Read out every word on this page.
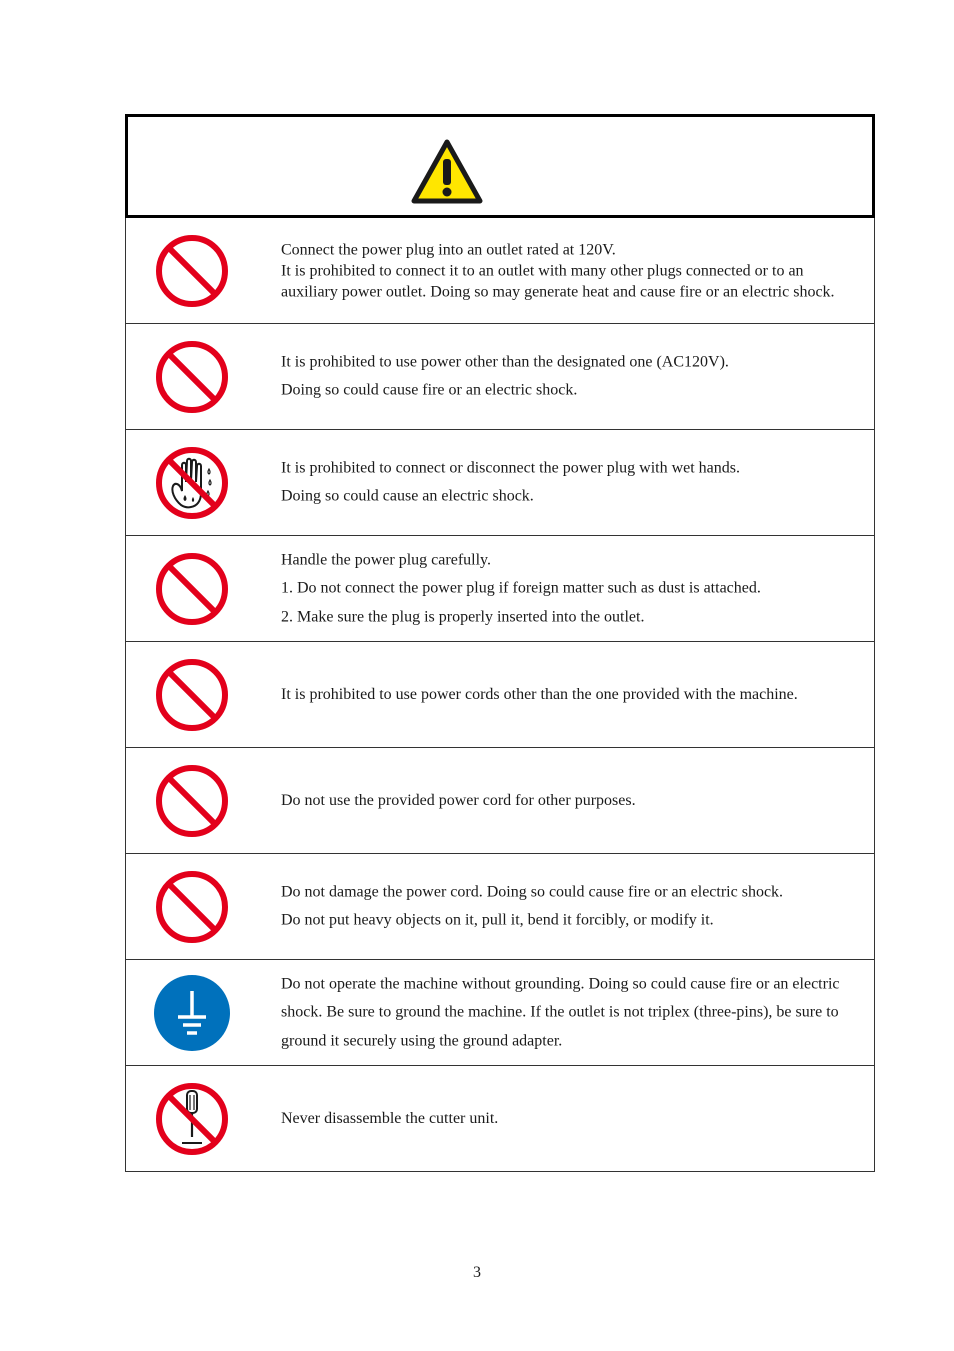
Connect the power plug into an outlet rated at 120V.

It is prohibited to connect it to an outlet with many other plugs connected or to an auxiliary power outlet. Doing so may generate heat and cause fire or an electric shock.

It is prohibited to use power other than the designated one (AC120V).

Doing so could cause fire or an electric shock.

It is prohibited to connect or disconnect the power plug with wet hands.

Doing so could cause an electric shock.

Handle the power plug carefully.

1. Do not connect the power plug if foreign matter such as dust is attached.

2. Make sure the plug is properly inserted into the outlet.

It is prohibited to use power cords other than the one provided with the machine.

Do not use the provided power cord for other purposes.

Do not damage the power cord. Doing so could cause fire or an electric shock.

Do not put heavy objects on it, pull it, bend it forcibly, or modify it.

Do not operate the machine without grounding. Doing so could cause fire or an electric shock. Be sure to ground the machine. If the outlet is not triplex (three-pins), be sure to ground it securely using the ground adapter.

Never disassemble the cutter unit.

3
